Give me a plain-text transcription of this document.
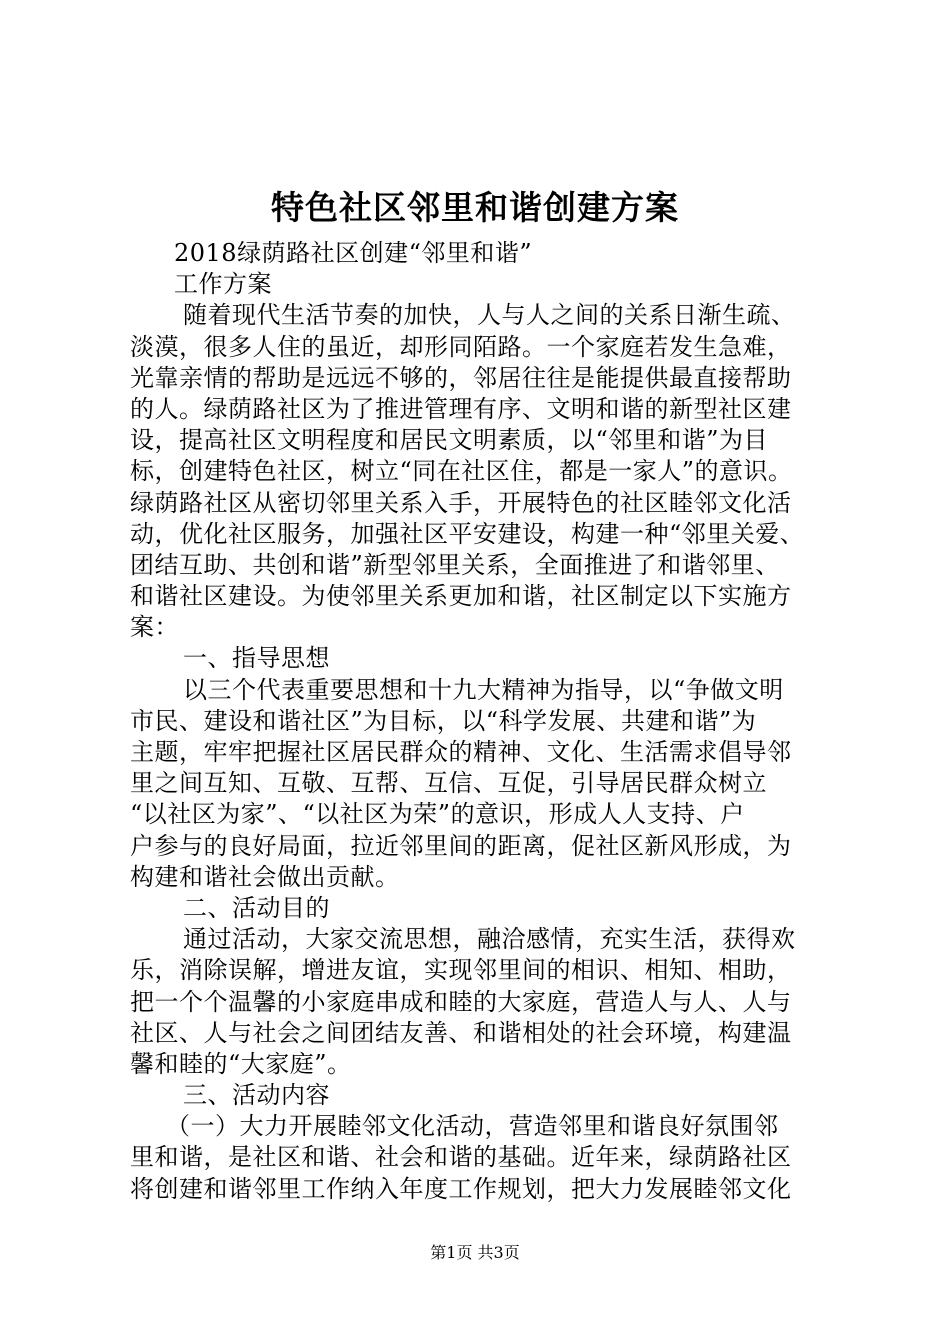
特色社区邻里和谐创建方案
2018绿荫路社区创建“邻里和谐”
工作方案
随着现代生活节奏的加快，人与人之间的关系日渐生疏、
淡漠，很多人住的虽近，却形同陌路。一个家庭若发生急难，
光靠亲情的帮助是远远不够的，邻居往往是能提供最直接帮助
的人。绿荫路社区为了推进管理有序、文明和谐的新型社区建
设，提高社区文明程度和居民文明素质，以“邻里和谐”为目
标，创建特色社区，树立“同在社区住，都是一家人”的意识。
绿荫路社区从密切邻里关系入手，开展特色的社区睦邻文化活
动，优化社区服务，加强社区平安建设，构建一种“邻里关爱、
团结互助、共创和谐”新型邻里关系，全面推进了和谐邻里、
和谐社区建设。为使邻里关系更加和谐，社区制定以下实施方
案：
一、指导思想
以三个代表重要思想和十九大精神为指导，以“争做文明
市民、建设和谐社区”为目标，以“科学发展、共建和谐”为
主题，牢牢把握社区居民群众的精神、文化、生活需求倡导邻
里之间互知、互敬、互帮、互信、互促，引导居民群众树立
“以社区为家”、“以社区为荣”的意识，形成人人支持、户
户参与的良好局面，拉近邻里间的距离，促社区新风形成，为
构建和谐社会做出贡献。
二、活动目的
通过活动，大家交流思想，融洽感情，充实生活，获得欢
乐，消除误解，增进友谊，实现邻里间的相识、相知、相助，
把一个个温馨的小家庭串成和睦的大家庭，营造人与人、人与
社区、人与社会之间团结友善、和谐相处的社会环境，构建温
馨和睦的“大家庭”。
三、活动内容
（一）大力开展睦邻文化活动，营造邻里和谐良好氛围邻
里和谐，是社区和谐、社会和谐的基础。近年来，绿荫路社区
将创建和谐邻里工作纳入年度工作规划，把大力发展睦邻文化
第1页 共3页
